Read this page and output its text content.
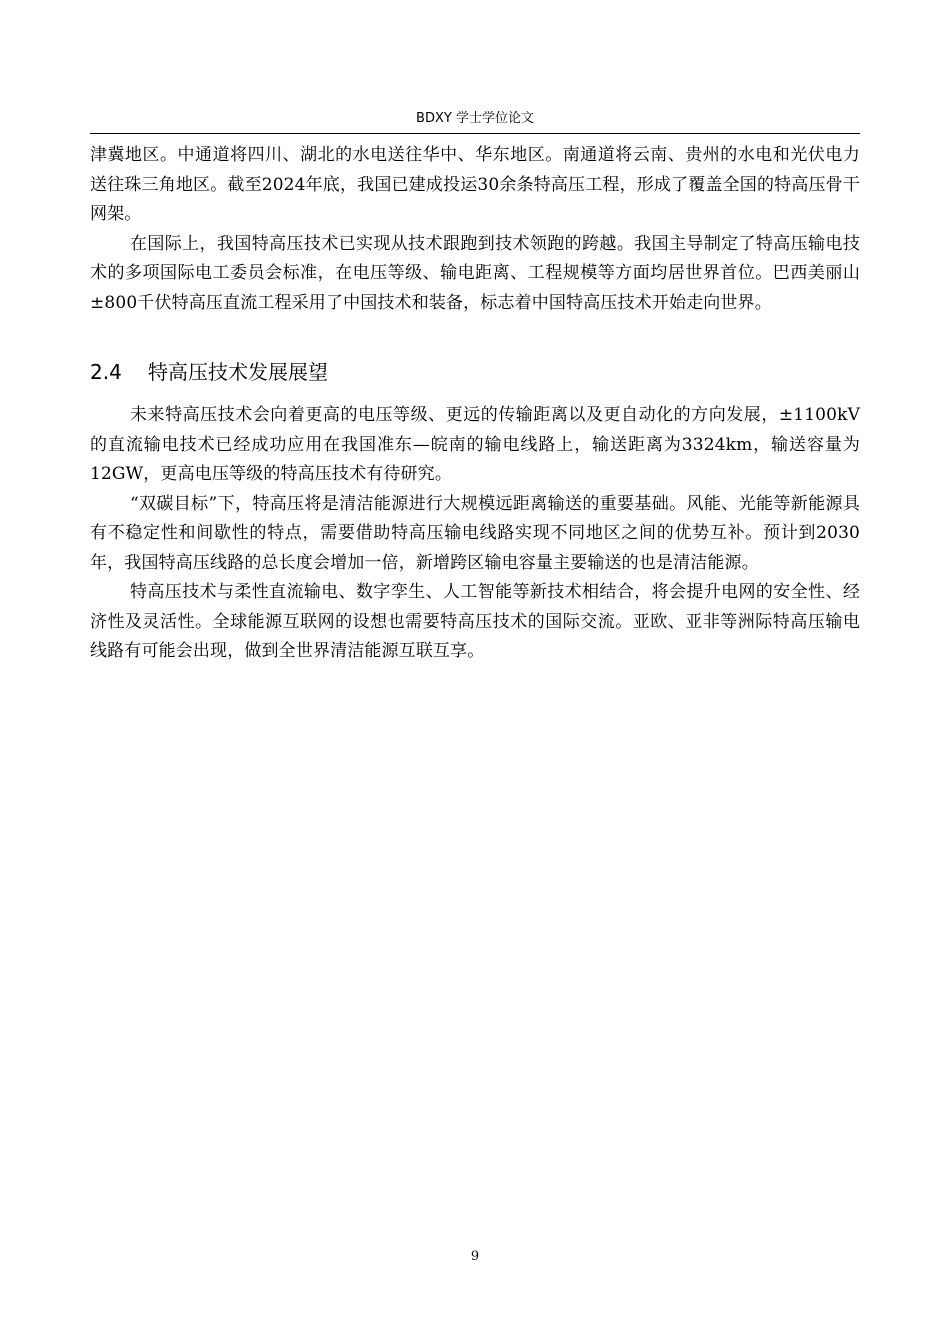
BDXY 学士学位论文

津冀地区。中通道将四川、湖北的水电送往华中、华东地区。南通道将云南、贵州的水电和光伏电力送往珠三角地区。截至2024年底，我国已建成投运30余条特高压工程，形成了覆盖全国的特高压骨干网架。

在国际上，我国特高压技术已实现从技术跟跑到技术领跑的跨越。我国主导制定了特高压输电技术的多项国际电工委员会标准，在电压等级、输电距离、工程规模等方面均居世界首位。巴西美丽山±800千伏特高压直流工程采用了中国技术和装备，标志着中国特高压技术开始走向世界。

2.4 特高压技术发展展望

未来特高压技术会向着更高的电压等级、更远的传输距离以及更自动化的方向发展，±1100kV的直流输电技术已经成功应用在我国准东—皖南的输电线路上，输送距离为3324km，输送容量为12GW，更高电压等级的特高压技术有待研究。

“双碳目标”下，特高压将是清洁能源进行大规模远距离输送的重要基础。风能、光能等新能源具有不稳定性和间歇性的特点，需要借助特高压输电线路实现不同地区之间的优势互补。预计到2030年，我国特高压线路的总长度会增加一倍，新增跨区输电容量主要输送的也是清洁能源。

特高压技术与柔性直流输电、数字孪生、人工智能等新技术相结合，将会提升电网的安全性、经济性及灵活性。全球能源互联网的设想也需要特高压技术的国际交流。亚欧、亚非等洲际特高压输电线路有可能会出现，做到全世界清洁能源互联互享。

9
